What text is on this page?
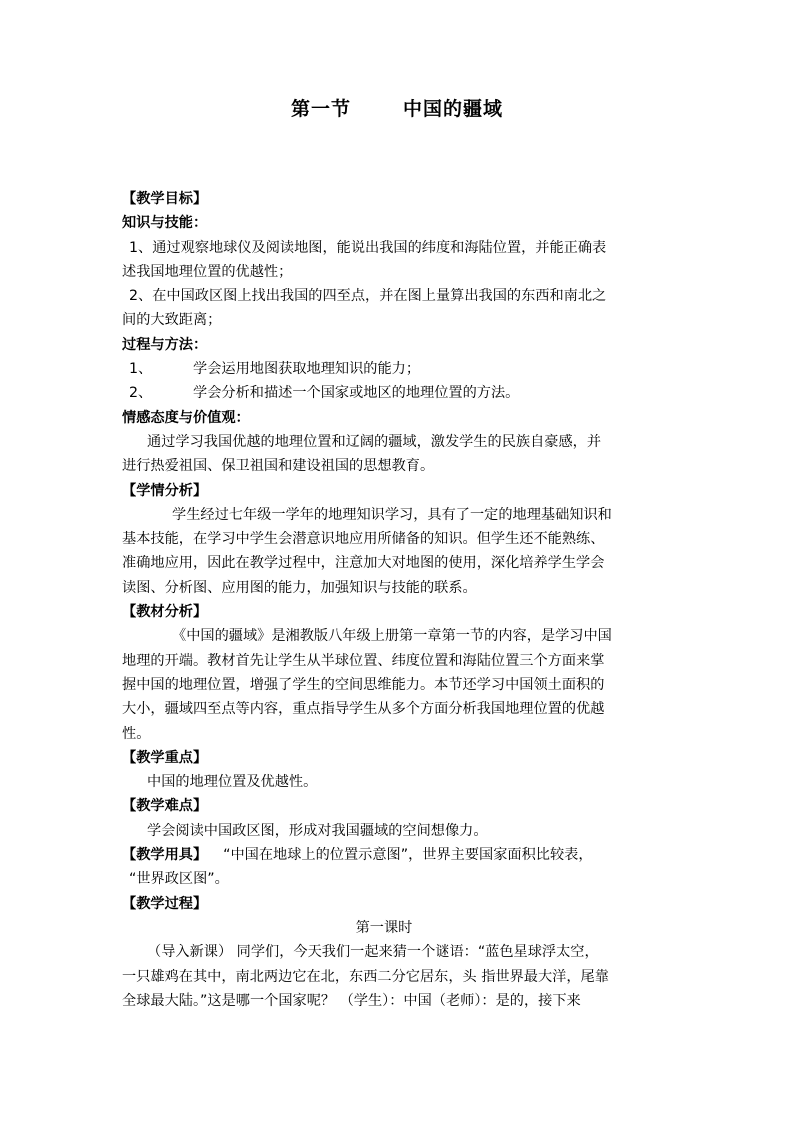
第一节	中国的疆域
【教学目标】
知识与技能：
1、通过观察地球仪及阅读地图，能说出我国的纬度和海陆位置，并能正确表
述我国地理位置的优越性；
2、在中国政区图上找出我国的四至点，并在图上量算出我国的东西和南北之
间的大致距离；
过程与方法：
1、	学会运用地图获取地理知识的能力；
2、	学会分析和描述一个国家或地区的地理位置的方法。
情感态度与价值观：
通过学习我国优越的地理位置和辽阔的疆域，激发学生的民族自豪感，并
进行热爱祖国、保卫祖国和建设祖国的思想教育。
【学情分析】
学生经过七年级一学年的地理知识学习，具有了一定的地理基础知识和
基本技能，在学习中学生会潜意识地应用所储备的知识。但学生还不能熟练、
准确地应用，因此在教学过程中，注意加大对地图的使用，深化培养学生学会
读图、分析图、应用图的能力，加强知识与技能的联系。
【教材分析】
《中国的疆域》是湘教版八年级上册第一章第一节的内容，是学习中国
地理的开端。教材首先让学生从半球位置、纬度位置和海陆位置三个方面来掌
握中国的地理位置，增强了学生的空间思维能力。本节还学习中国领土面积的
大小，疆域四至点等内容，重点指导学生从多个方面分析我国地理位置的优越
性。
【教学重点】
中国的地理位置及优越性。
【教学难点】
学会阅读中国政区图，形成对我国疆域的空间想像力。
【教学用具】 “中国在地球上的位置示意图”，世界主要国家面积比较表，
“世界政区图”。
【教学过程】
第一课时
（导入新课） 同学们，今天我们一起来猜一个谜语：“蓝色星球浮太空，
一只雄鸡在其中，南北两边它在北，东西二分它居东，头 指世界最大洋，尾靠
全球最大陆。”这是哪一个国家呢？ （学生）：中国（老师）：是的，接下来
